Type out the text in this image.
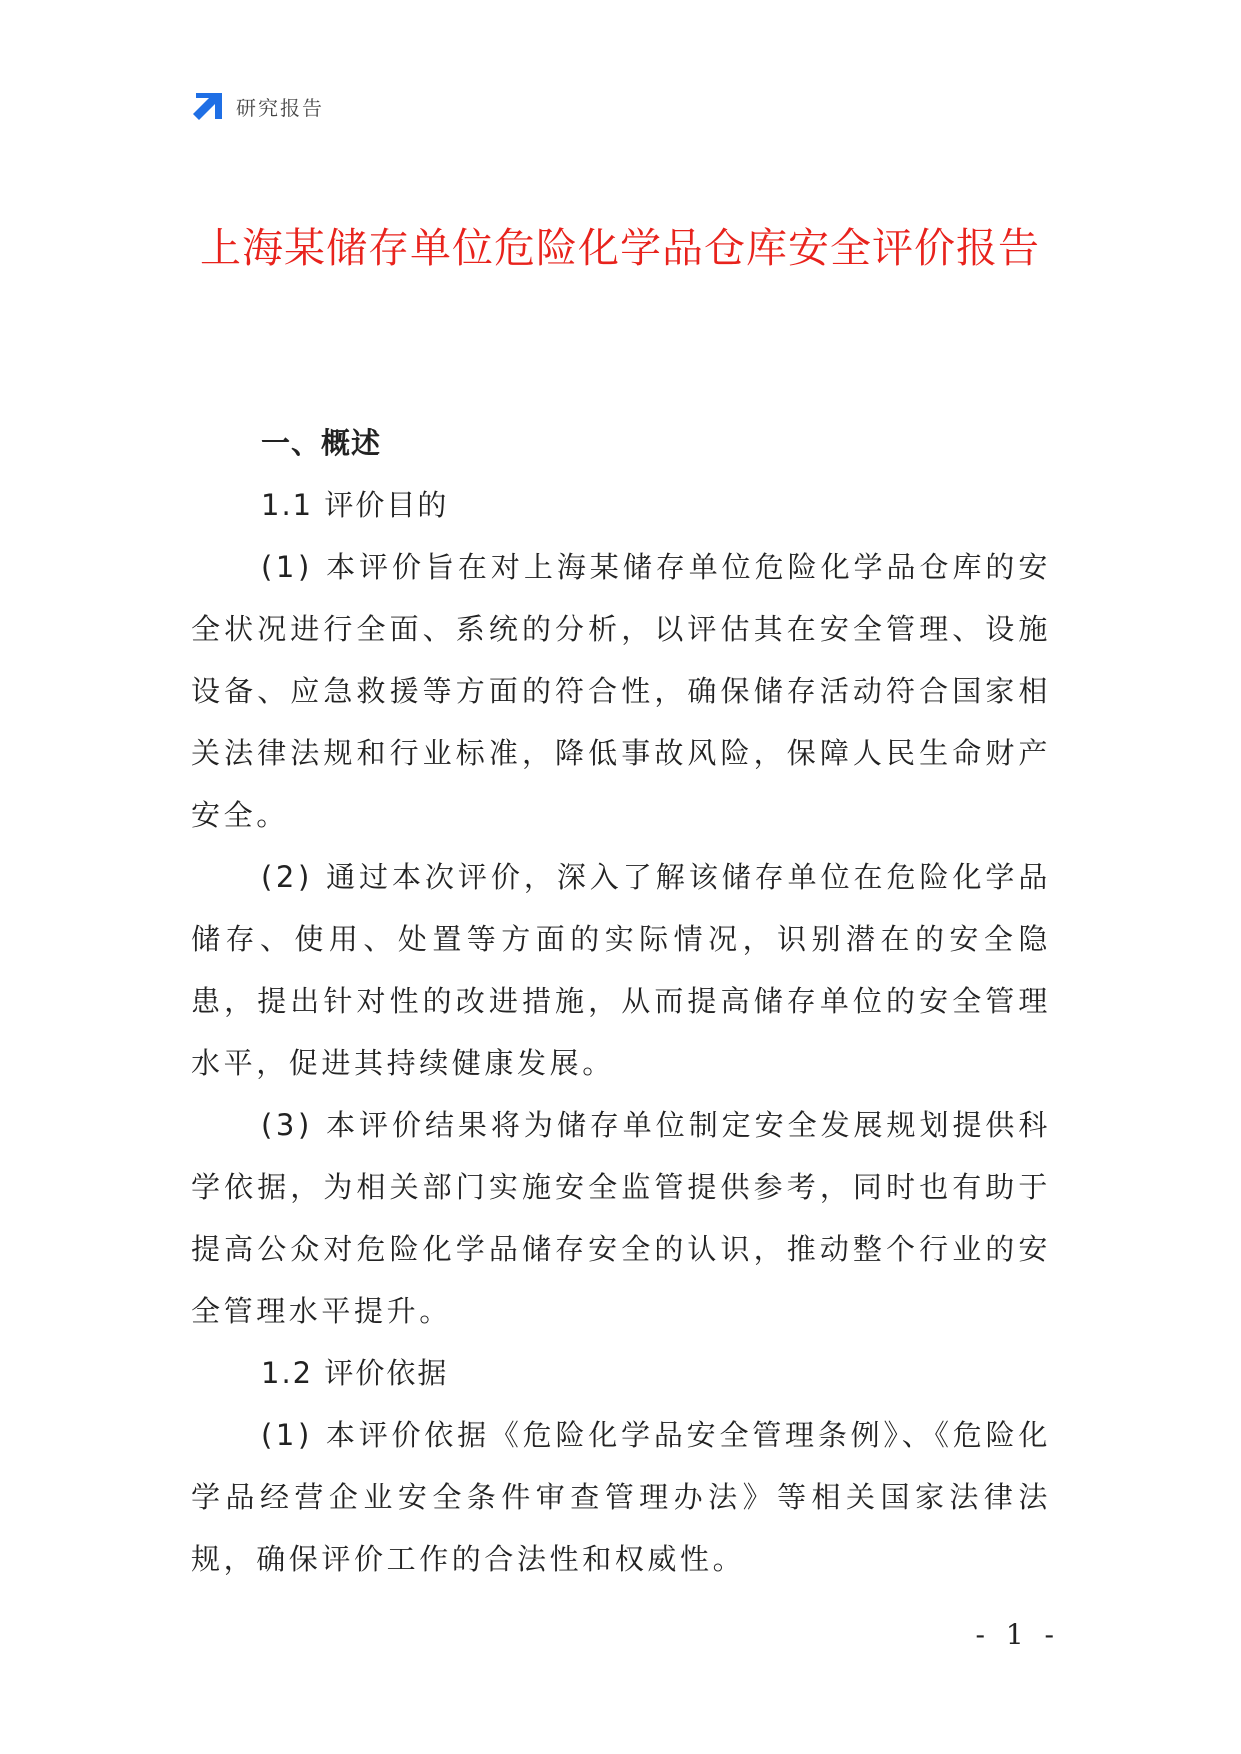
研究报告
上海某储存单位危险化学品仓库安全评价报告

一、概述

1.1 评价目的

(1) 本评价旨在对上海某储存单位危险化学品仓库的安全状况进行全面、系统的分析，以评估其在安全管理、设施设备、应急救援等方面的符合性，确保储存活动符合国家相关法律法规和行业标准，降低事故风险，保障人民生命财产安全。

(2) 通过本次评价，深入了解该储存单位在危险化学品储存、使用、处置等方面的实际情况，识别潜在的安全隐患，提出针对性的改进措施，从而提高储存单位的安全管理水平，促进其持续健康发展。

(3) 本评价结果将为储存单位制定安全发展规划提供科学依据，为相关部门实施安全监管提供参考，同时也有助于提高公众对危险化学品储存安全的认识，推动整个行业的安全管理水平提升。

1.2 评价依据

(1) 本评价依据《危险化学品安全管理条例》、《危险化学品经营企业安全条件审查管理办法》等相关国家法律法规，确保评价工作的合法性和权威性。

- 1 -
